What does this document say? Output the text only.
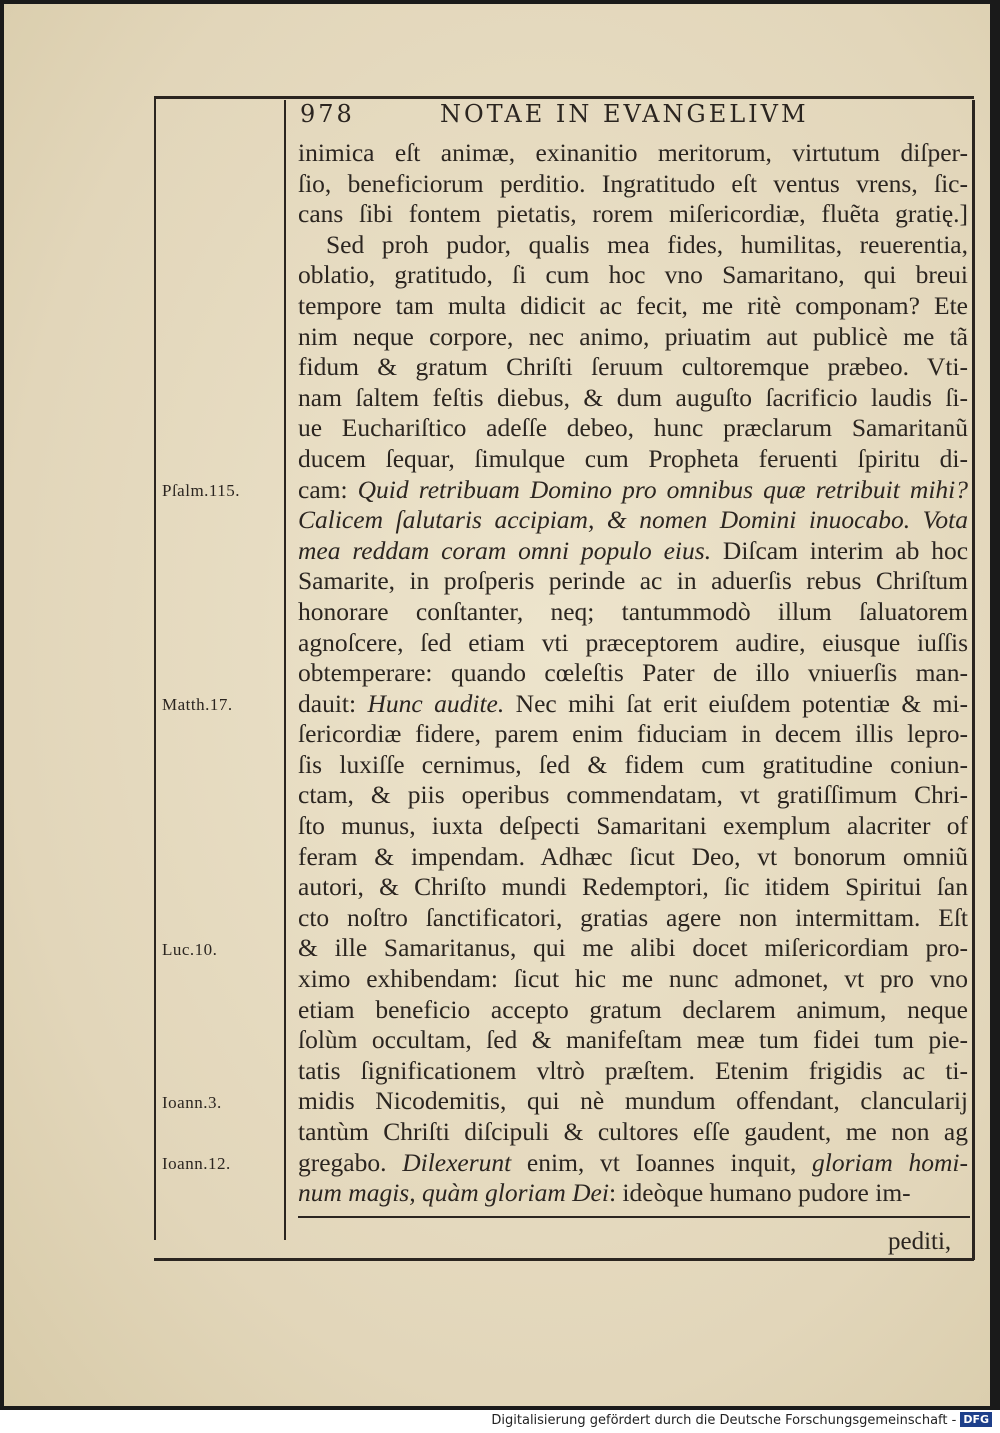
978	NOTAE IN EVANGELIVM
inimica eſt animæ, exinanitio meritorum, virtutum diſper-
ſio, beneficiorum perditio. Ingratitudo eſt ventus vrens, ſic-
cans ſibi fontem pietatis, rorem miſericordiæ, fluẽta gratię.]
Sed proh pudor, qualis mea fides, humilitas, reuerentia,
oblatio, gratitudo, ſi cum hoc vno Samaritano, qui breui
tempore tam multa didicit ac fecit, me ritè componam? Ete
nim neque corpore, nec animo, priuatim aut publicè me tã
fidum & gratum Chriſti ſeruum cultoremque præbeo. Vti-
nam ſaltem feſtis diebus, & dum auguſto ſacrificio laudis ſi-
ue Euchariſtico adeſſe debeo, hunc præclarum Samaritanũ
ducem ſequar, ſimulque cum Propheta feruenti ſpiritu di-
cam: Quid retribuam Domino pro omnibus quæ retribuit mihi?
Calicem ſalutaris accipiam, & nomen Domini inuocabo. Vota
mea reddam coram omni populo eius. Diſcam interim ab hoc
Samarite, in proſperis perinde ac in aduerſis rebus Chriſtum
honorare conſtanter, neq; tantummodò illum ſaluatorem
agnoſcere, ſed etiam vti præceptorem audire, eiusque iuſſis
obtemperare: quando cœleſtis Pater de illo vniuerſis man-
dauit: Hunc audite. Nec mihi ſat erit eiuſdem potentiæ & mi-
ſericordiæ fidere, parem enim fiduciam in decem illis lepro-
ſis luxiſſe cernimus, ſed & fidem cum gratitudine coniun-
ctam, & piis operibus commendatam, vt gratiſſimum Chri-
ſto munus, iuxta deſpecti Samaritani exemplum alacriter of
feram & impendam. Adhæc ſicut Deo, vt bonorum omniũ
autori, & Chriſto mundi Redemptori, ſic itidem Spiritui ſan
cto noſtro ſanctificatori, gratias agere non intermittam. Eſt
& ille Samaritanus, qui me alibi docet miſericordiam pro-
ximo exhibendam: ſicut hic me nunc admonet, vt pro vno
etiam beneficio accepto gratum declarem animum, neque
ſolùm occultam, ſed & manifeſtam meæ tum fidei tum pie-
tatis ſignificationem vltrò præſtem. Etenim frigidis ac ti-
midis Nicodemitis, qui nè mundum offendant, clancularij
tantùm Chriſti diſcipuli & cultores eſſe gaudent, me non ag
gregabo. Dilexerunt enim, vt Ioannes inquit, gloriam homi-
num magis, quàm gloriam Dei: ideòque humano pudore im-
Pſalm.115.
Matth.17.
Luc.10.
Ioann.3.
Ioann.12.
pediti,
Digitalisierung gefördert durch die Deutsche Forschungsgemeinschaft - DFG
